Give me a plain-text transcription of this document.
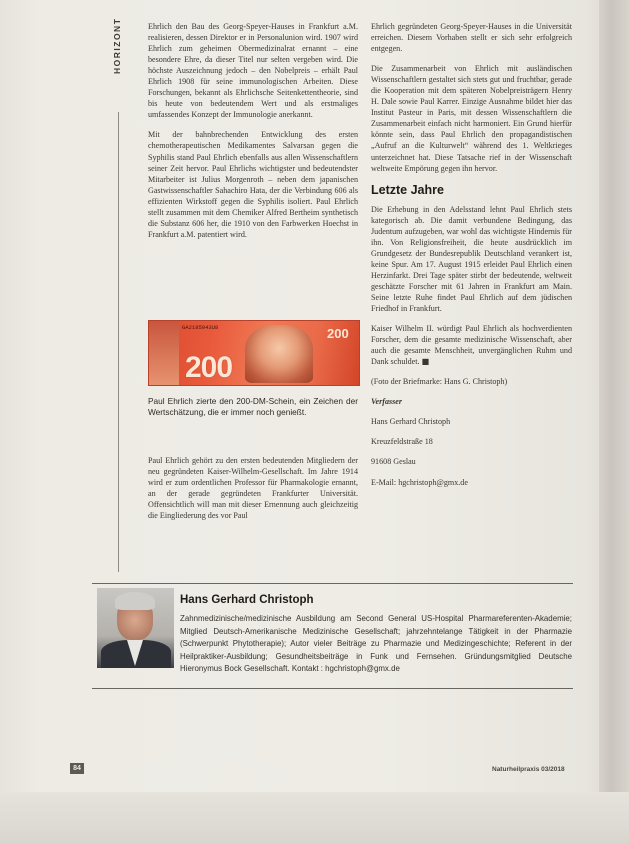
HORIZONT	Ehrlich den Bau des Georg-Speyer-Hauses in Frankfurt a.M. realisieren, dessen Direktor er in Personalunion wird. 1907 wird Ehrlich zum geheimen Obermedizinalrat ernannt – eine besondere Ehre, da dieser Titel nur selten vergeben wird. Die höchste Auszeichnung jedoch – den Nobelpreis – erhält Paul Ehrlich 1908 für seine immunologischen Arbeiten. Diese Forschungen, bekannt als Ehrlichsche Seitenkettentheorie, sind bis heute von bedeutendem Wert und als erstmaliges umfassendes Konzept der Immunologie anerkannt.

Mit der bahnbrechenden Entwicklung des ersten chemotherapeutischen Medikamentes Salvarsan gegen die Syphilis stand Paul Ehrlich ebenfalls aus allen Wissenschaftlern seiner Zeit hervor. Paul Ehrlichs wichtigster und bedeutendster Mitarbeiter ist Julius Morgenroth – neben dem japanischen Gastwissenschaftler Sahachiro Hata, der die Verbindung 606 als effizienten Wirkstoff gegen die Syphilis isoliert. Paul Ehrlich stellt zusammen mit dem Chemiker Alfred Bertheim synthetisch die Substanz 606 her, die 1910 von den Farbwerken Hoechst in Frankfurt a.M. patentiert wird.

GA2185043U8
200
200
Paul Ehrlich zierte den 200-DM-Schein, ein Zeichen der Wertschätzung, die er immer noch genießt.

Paul Ehrlich gehört zu den ersten bedeutenden Mitgliedern der neu gegründeten Kaiser-Wilhelm-Gesellschaft. Im Jahre 1914 wird er zum ordentlichen Professor für Pharmakologie ernannt, an der gerade gegründeten Frankfurter Universität. Offensichtlich will man mit dieser Ernennung auch gleichzeitig die Eingliederung des vor Paul

Ehrlich gegründeten Georg-Speyer-Hauses in die Universität erreichen. Diesem Vorhaben stellt er sich sehr erfolgreich entgegen.

Die Zusammenarbeit von Ehrlich mit ausländischen Wissenschaftlern gestaltet sich stets gut und fruchtbar, gerade die Kooperation mit dem späteren Nobelpreisträgern Henry H. Dale sowie Paul Karrer. Einzige Ausnahme bildet hier das Institut Pasteur in Paris, mit dessen Wissenschaftlern die Zusammenarbeit einfach nicht harmoniert. Ein Grund hierfür könnte sein, dass Paul Ehrlich den propagandistischen „Aufruf an die Kulturwelt“ während des 1. Weltkrieges unterzeichnet hat. Diese Tatsache rief in der Wissenschaft weltweite Empörung gegen ihn hervor.

Letzte Jahre

Die Erhebung in den Adelsstand lehnt Paul Ehrlich stets kategorisch ab. Die damit verbundene Bedingung, das Judentum aufzugeben, war wohl das wichtigste Hindernis für ihn. Von Religionsfreiheit, die heute ausdrücklich im Grundgesetz der Bundesrepublik Deutschland verankert ist, keine Spur. Am 17. August 1915 erleidet Paul Ehrlich einen Herzinfarkt. Drei Tage später stirbt der bedeutende, weltweit geschätzte Forscher mit 61 Jahren in Frankfurt am Main. Seine letzte Ruhe findet Paul Ehrlich auf dem jüdischen Friedhof in Frankfurt.

Kaiser Wilhelm II. würdigt Paul Ehrlich als hochverdienten Forscher, dem die gesamte medizinische Wissenschaft, aber auch die gesamte Menschheit, unvergänglichen Ruhm und Dank schuldet. ■

(Foto der Briefmarke: Hans G. Christoph)

Verfasser

Hans Gerhard Christoph

Kreuzfeldstraße 18

91608 Geslau

E-Mail: hgchristoph@gmx.de

Hans Gerhard Christoph
Zahnmedizinische/medizinische Ausbildung am Second General US-Hospital Pharmareferenten-Akademie; Mitglied Deutsch-Amerikanische Medizinische Gesellschaft; jahrzehntelange Tätigkeit in der Pharmazie (Schwerpunkt Phytotherapie); Autor vieler Beiträge zu Pharmazie und Medizingeschichte; Referent in der Heilpraktiker-Ausbildung; Gesundheitsbeiträge in Funk und Fernsehen. Gründungsmitglied Deutsche Hieronymus Bock Gesellschaft. Kontakt : hgchristoph@gmx.de
84	Naturheilpraxis 03/2018
